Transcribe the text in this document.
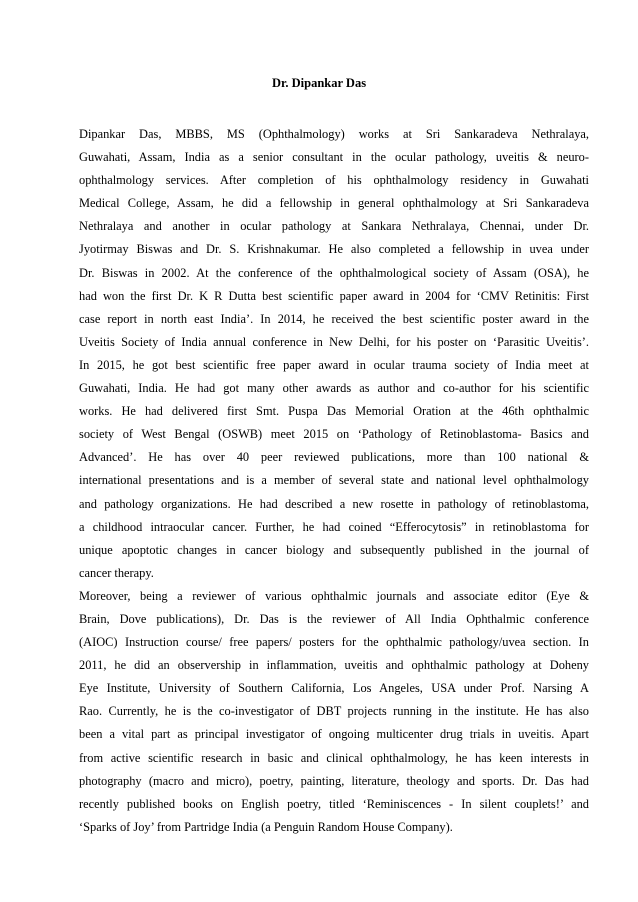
Dr. Dipankar Das
Dipankar Das, MBBS, MS (Ophthalmology) works at Sri Sankaradeva Nethralaya,
Guwahati, Assam, India as a senior consultant in the ocular pathology, uveitis & neuro-
ophthalmology services. After completion of his ophthalmology residency in Guwahati
Medical College, Assam, he did a fellowship in general ophthalmology at Sri Sankaradeva
Nethralaya and another in ocular pathology at Sankara Nethralaya, Chennai, under Dr.
Jyotirmay Biswas and Dr. S. Krishnakumar. He also completed a fellowship in uvea under
Dr. Biswas in 2002. At the conference of the ophthalmological society of Assam (OSA), he
had won the first Dr. K R Dutta best scientific paper award in 2004 for ‘CMV Retinitis: First
case report in north east India’. In 2014, he received the best scientific poster award in the
Uveitis Society of India annual conference in New Delhi, for his poster on ‘Parasitic Uveitis’.
In 2015, he got best scientific free paper award in ocular trauma society of India meet at
Guwahati, India. He had got many other awards as author and co-author for his scientific
works. He had delivered first Smt. Puspa Das Memorial Oration at the 46th ophthalmic
society of West Bengal (OSWB) meet 2015 on ‘Pathology of Retinoblastoma- Basics and
Advanced’. He has over 40 peer reviewed publications, more than 100 national &
international presentations and is a member of several state and national level ophthalmology
and pathology organizations. He had described a new rosette in pathology of retinoblastoma,
a childhood intraocular cancer. Further, he had coined “Efferocytosis” in retinoblastoma for
unique apoptotic changes in cancer biology and subsequently published in the journal of
cancer therapy.
Moreover, being a reviewer of various ophthalmic journals and associate editor (Eye &
Brain, Dove publications), Dr. Das is the reviewer of All India Ophthalmic conference
(AIOC) Instruction course/ free papers/ posters for the ophthalmic pathology/uvea section. In
2011, he did an observership in inflammation, uveitis and ophthalmic pathology at Doheny
Eye Institute, University of Southern California, Los Angeles, USA under Prof. Narsing A
Rao. Currently, he is the co-investigator of DBT projects running in the institute. He has also
been a vital part as principal investigator of ongoing multicenter drug trials in uveitis. Apart
from active scientific research in basic and clinical ophthalmology, he has keen interests in
photography (macro and micro), poetry, painting, literature, theology and sports. Dr. Das had
recently published books on English poetry, titled ‘Reminiscences - In silent couplets!’ and
‘Sparks of Joy’ from Partridge India (a Penguin Random House Company).
